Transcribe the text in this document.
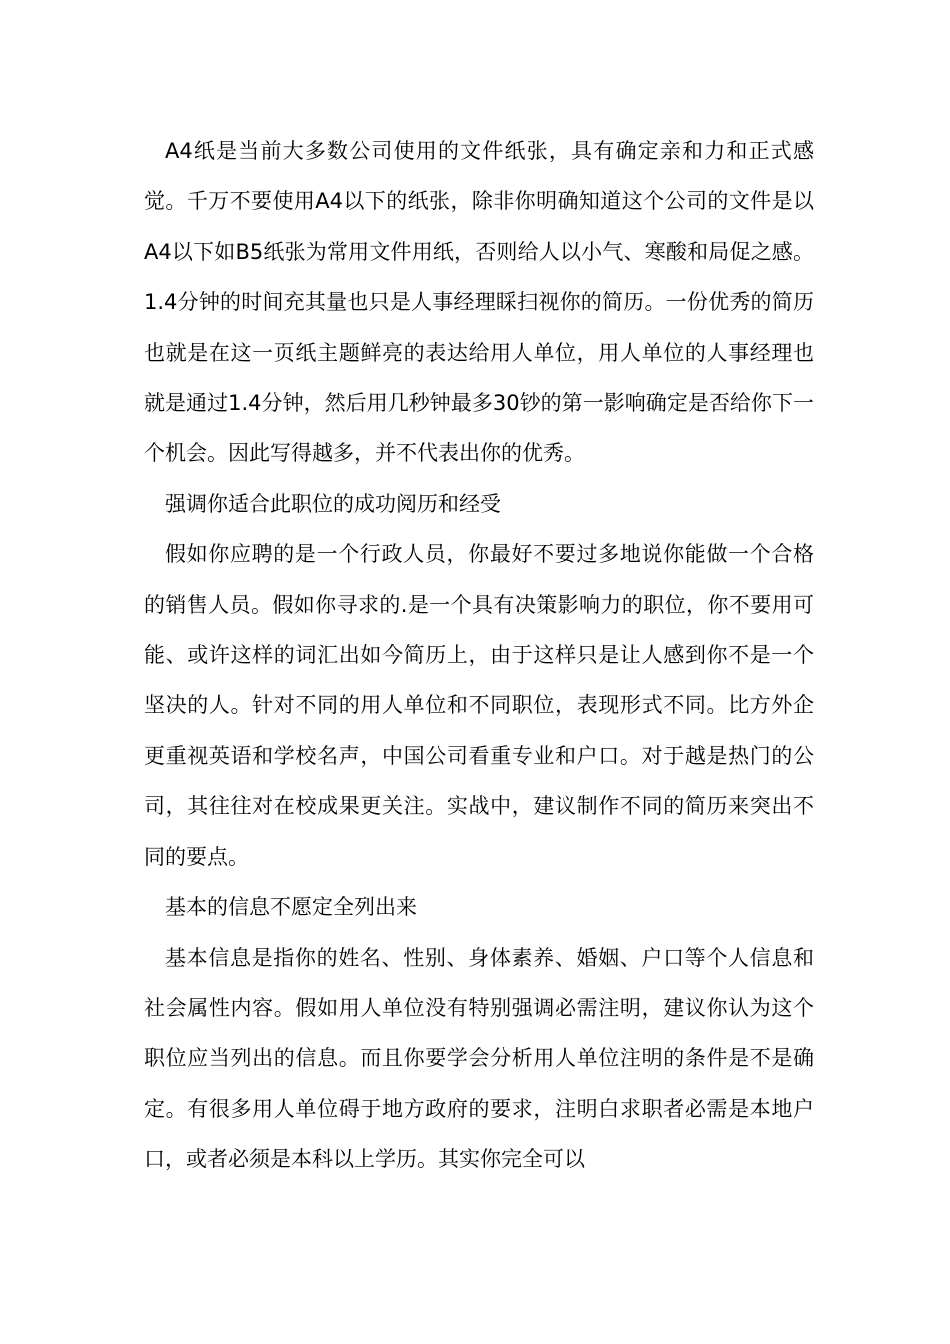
A4纸是当前大多数公司使用的文件纸张，具有确定亲和力和正式感觉。千万不要使用A4以下的纸张，除非你明确知道这个公司的文件是以A4以下如B5纸张为常用文件用纸，否则给人以小气、寒酸和局促之感。1.4分钟的时间充其量也只是人事经理睬扫视你的简历。一份优秀的简历也就是在这一页纸主题鲜亮的表达给用人单位，用人单位的人事经理也就是通过1.4分钟，然后用几秒钟最多30钞的第一影响确定是否给你下一个机会。因此写得越多，并不代表出你的优秀。

强调你适合此职位的成功阅历和经受

假如你应聘的是一个行政人员，你最好不要过多地说你能做一个合格的销售人员。假如你寻求的.是一个具有决策影响力的职位，你不要用可能、或许这样的词汇出如今简历上，由于这样只是让人感到你不是一个坚决的人。针对不同的用人单位和不同职位，表现形式不同。比方外企更重视英语和学校名声，中国公司看重专业和户口。对于越是热门的公司，其往往对在校成果更关注。实战中，建议制作不同的简历来突出不同的要点。

基本的信息不愿定全列出来

基本信息是指你的姓名、性别、身体素养、婚姻、户口等个人信息和社会属性内容。假如用人单位没有特别强调必需注明，建议你认为这个职位应当列出的信息。而且你要学会分析用人单位注明的条件是不是确定。有很多用人单位碍于地方政府的要求，注明白求职者必需是本地户口，或者必须是本科以上学历。其实你完全可以
